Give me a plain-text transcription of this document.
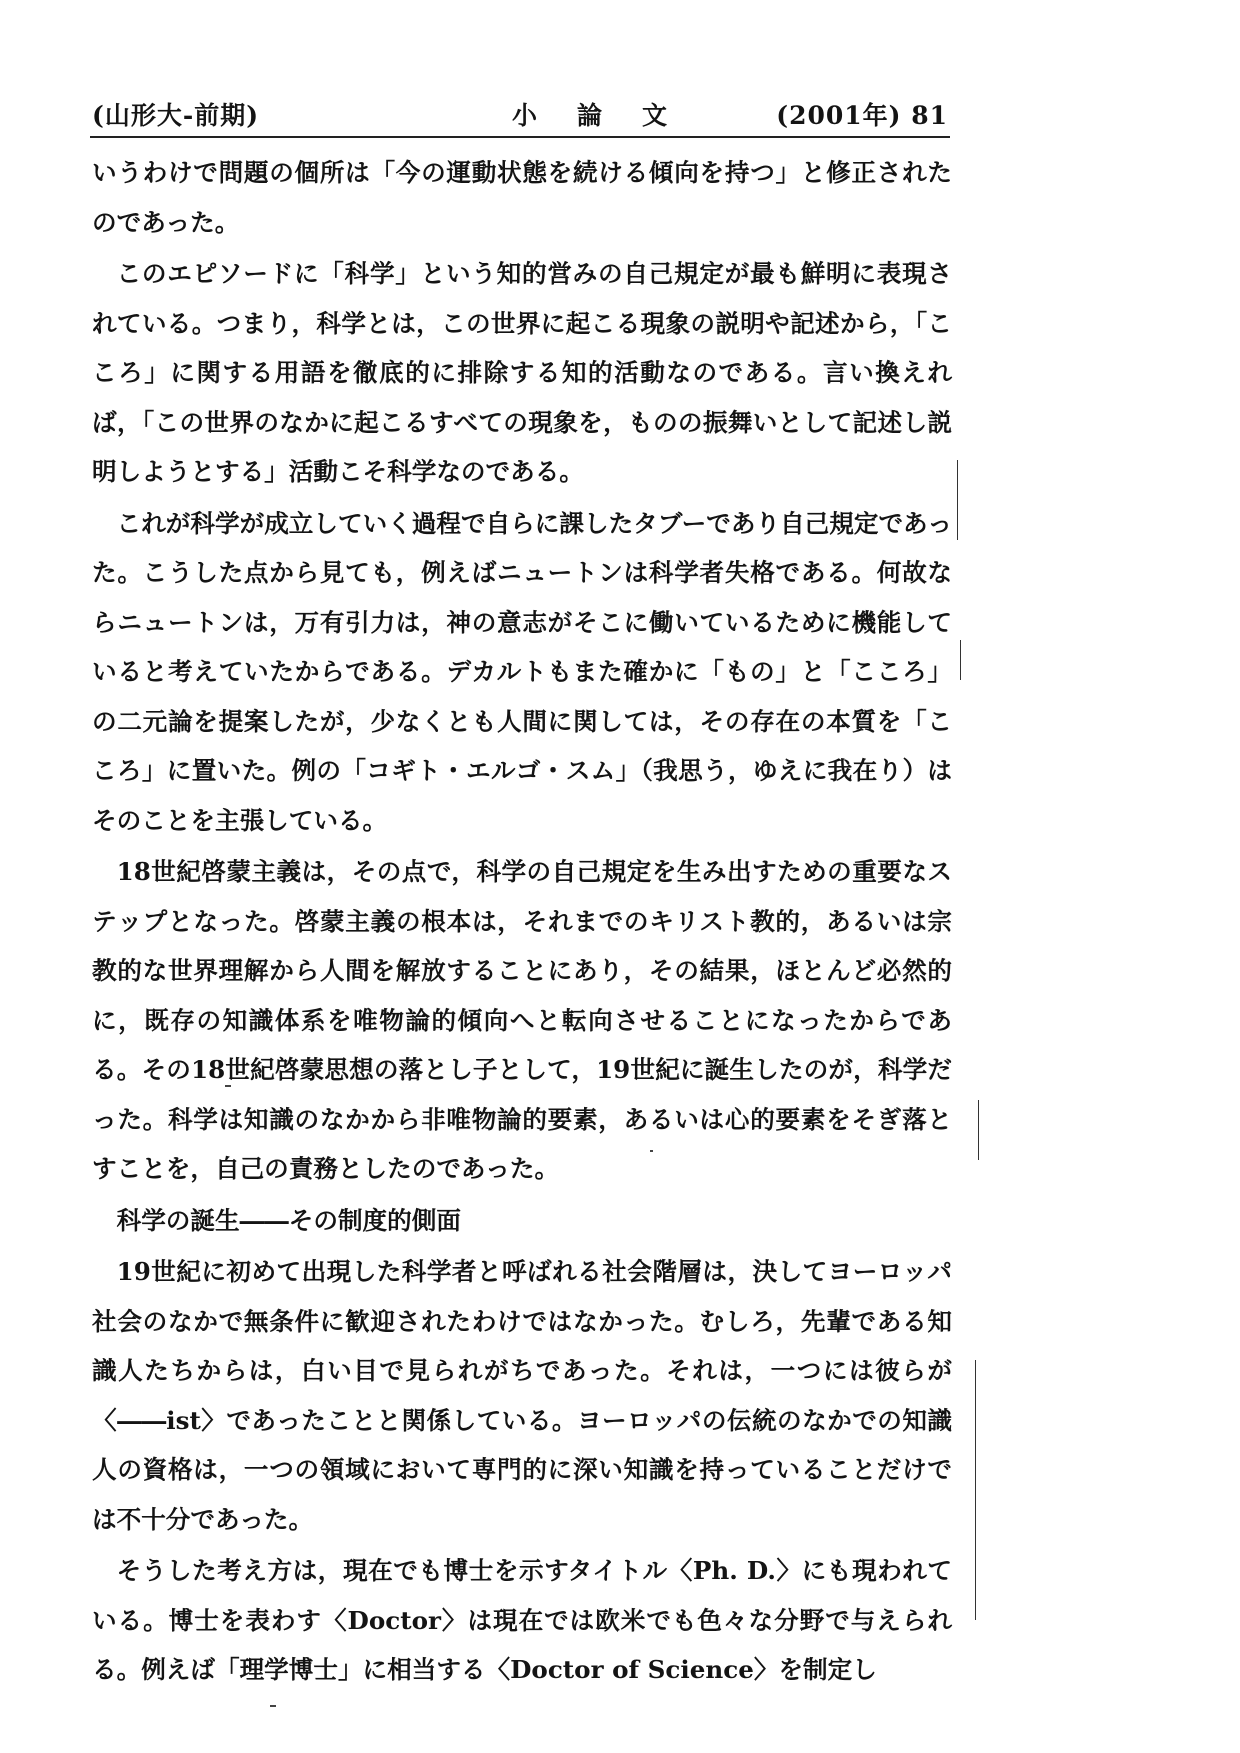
(山形大-前期)	小論文	(2001年) 81

いうわけで問題の個所は「今の運動状態を続ける傾向を持つ」と修正されたのであった。

このエピソードに「科学」という知的営みの自己規定が最も鮮明に表現されている。つまり，科学とは，この世界に起こる現象の説明や記述から，「こころ」に関する用語を徹底的に排除する知的活動なのである。言い換えれば，「この世界のなかに起こるすべての現象を，ものの振舞いとして記述し説明しようとする」活動こそ科学なのである。

これが科学が成立していく過程で自らに課したタブーであり自己規定であった。こうした点から見ても，例えばニュートンは科学者失格である。何故ならニュートンは，万有引力は，神の意志がそこに働いているために機能していると考えていたからである。デカルトもまた確かに「もの」と「こころ」の二元論を提案したが，少なくとも人間に関しては，その存在の本質を「こころ」に置いた。例の「コギト・エルゴ・スム」（我思う，ゆえに我在り）はそのことを主張している。

18世紀啓蒙主義は，その点で，科学の自己規定を生み出すための重要なステップとなった。啓蒙主義の根本は，それまでのキリスト教的，あるいは宗教的な世界理解から人間を解放することにあり，その結果，ほとんど必然的に，既存の知識体系を唯物論的傾向へと転向させることになったからである。その18世紀啓蒙思想の落とし子として，19世紀に誕生したのが，科学だった。科学は知識のなかから非唯物論的要素，あるいは心的要素をそぎ落とすことを，自己の責務としたのであった。

科学の誕生――その制度的側面

19世紀に初めて出現した科学者と呼ばれる社会階層は，決してヨーロッパ社会のなかで無条件に歓迎されたわけではなかった。むしろ，先輩である知識人たちからは，白い目で見られがちであった。それは，一つには彼らが〈――ist〉であったことと関係している。ヨーロッパの伝統のなかでの知識人の資格は，一つの領域において専門的に深い知識を持っていることだけでは不十分であった。

そうした考え方は，現在でも博士を示すタイトル〈Ph. D.〉にも現われている。博士を表わす〈Doctor〉は現在では欧米でも色々な分野で与えられる。例えば「理学博士」に相当する〈Doctor of Science〉を制定し
